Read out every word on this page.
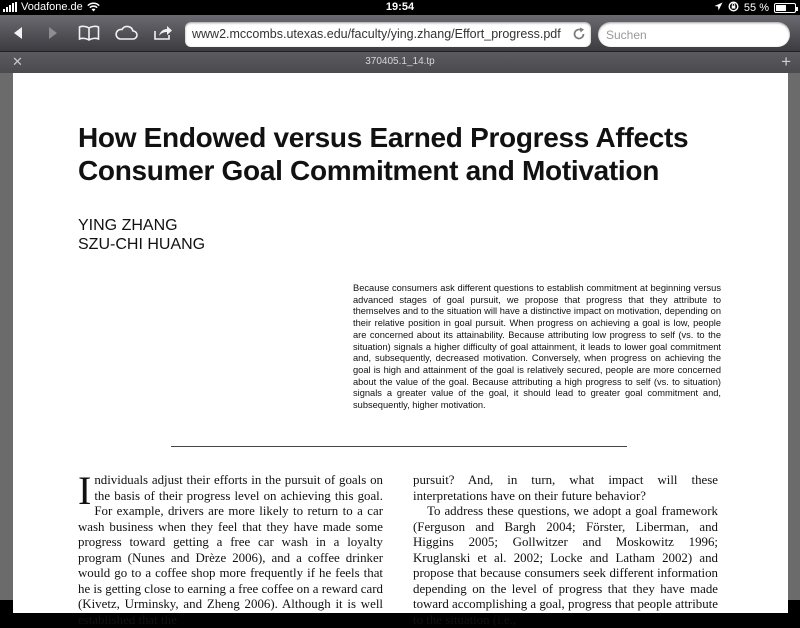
Vodafone.de	19:54	55 %
www2.mccombs.utexas.edu/faculty/ying.zhang/Effort_progress.pdf
Suchen
✕	370405.1_14.tp	+
How Endowed versus Earned Progress Affects
Consumer Goal Commitment and Motivation
YING ZHANG
SZU-CHI HUANG
Because consumers ask different questions to establish commitment at beginning versus advanced stages of goal pursuit, we propose that progress that they attribute to themselves and to the situation will have a distinctive impact on motivation, depending on their relative position in goal pursuit. When progress on achieving a goal is low, people are concerned about its attainability. Because attributing low progress to self (vs. to the situation) signals a higher difficulty of goal attainment, it leads to lower goal commitment and, subsequently, decreased motivation. Conversely, when progress on achieving the goal is high and attainment of the goal is relatively secured, people are more concerned about the value of the goal. Because attributing a high progress to self (vs. to situation) signals a greater value of the goal, it should lead to greater goal commitment and, subsequently, higher motivation.
Individuals adjust their efforts in the pursuit of goals on the basis of their progress level on achieving this goal. For example, drivers are more likely to return to a car wash business when they feel that they have made some progress toward getting a free car wash in a loyalty program (Nunes and Drèze 2006), and a coffee drinker would go to a coffee shop more frequently if he feels that he is getting close to earning a free coffee on a reward card (Kivetz, Urminsky, and Zheng 2006). Although it is well established that the

pursuit? And, in turn, what impact will these interpretations have on their future behavior?

To address these questions, we adopt a goal framework (Ferguson and Bargh 2004; Förster, Liberman, and Higgins 2005; Gollwitzer and Moskowitz 1996; Kruglanski et al. 2002; Locke and Latham 2002) and propose that because consumers seek different information depending on the level of progress that they have made toward accomplishing a goal, progress that people attribute to the situation (i.e.,
